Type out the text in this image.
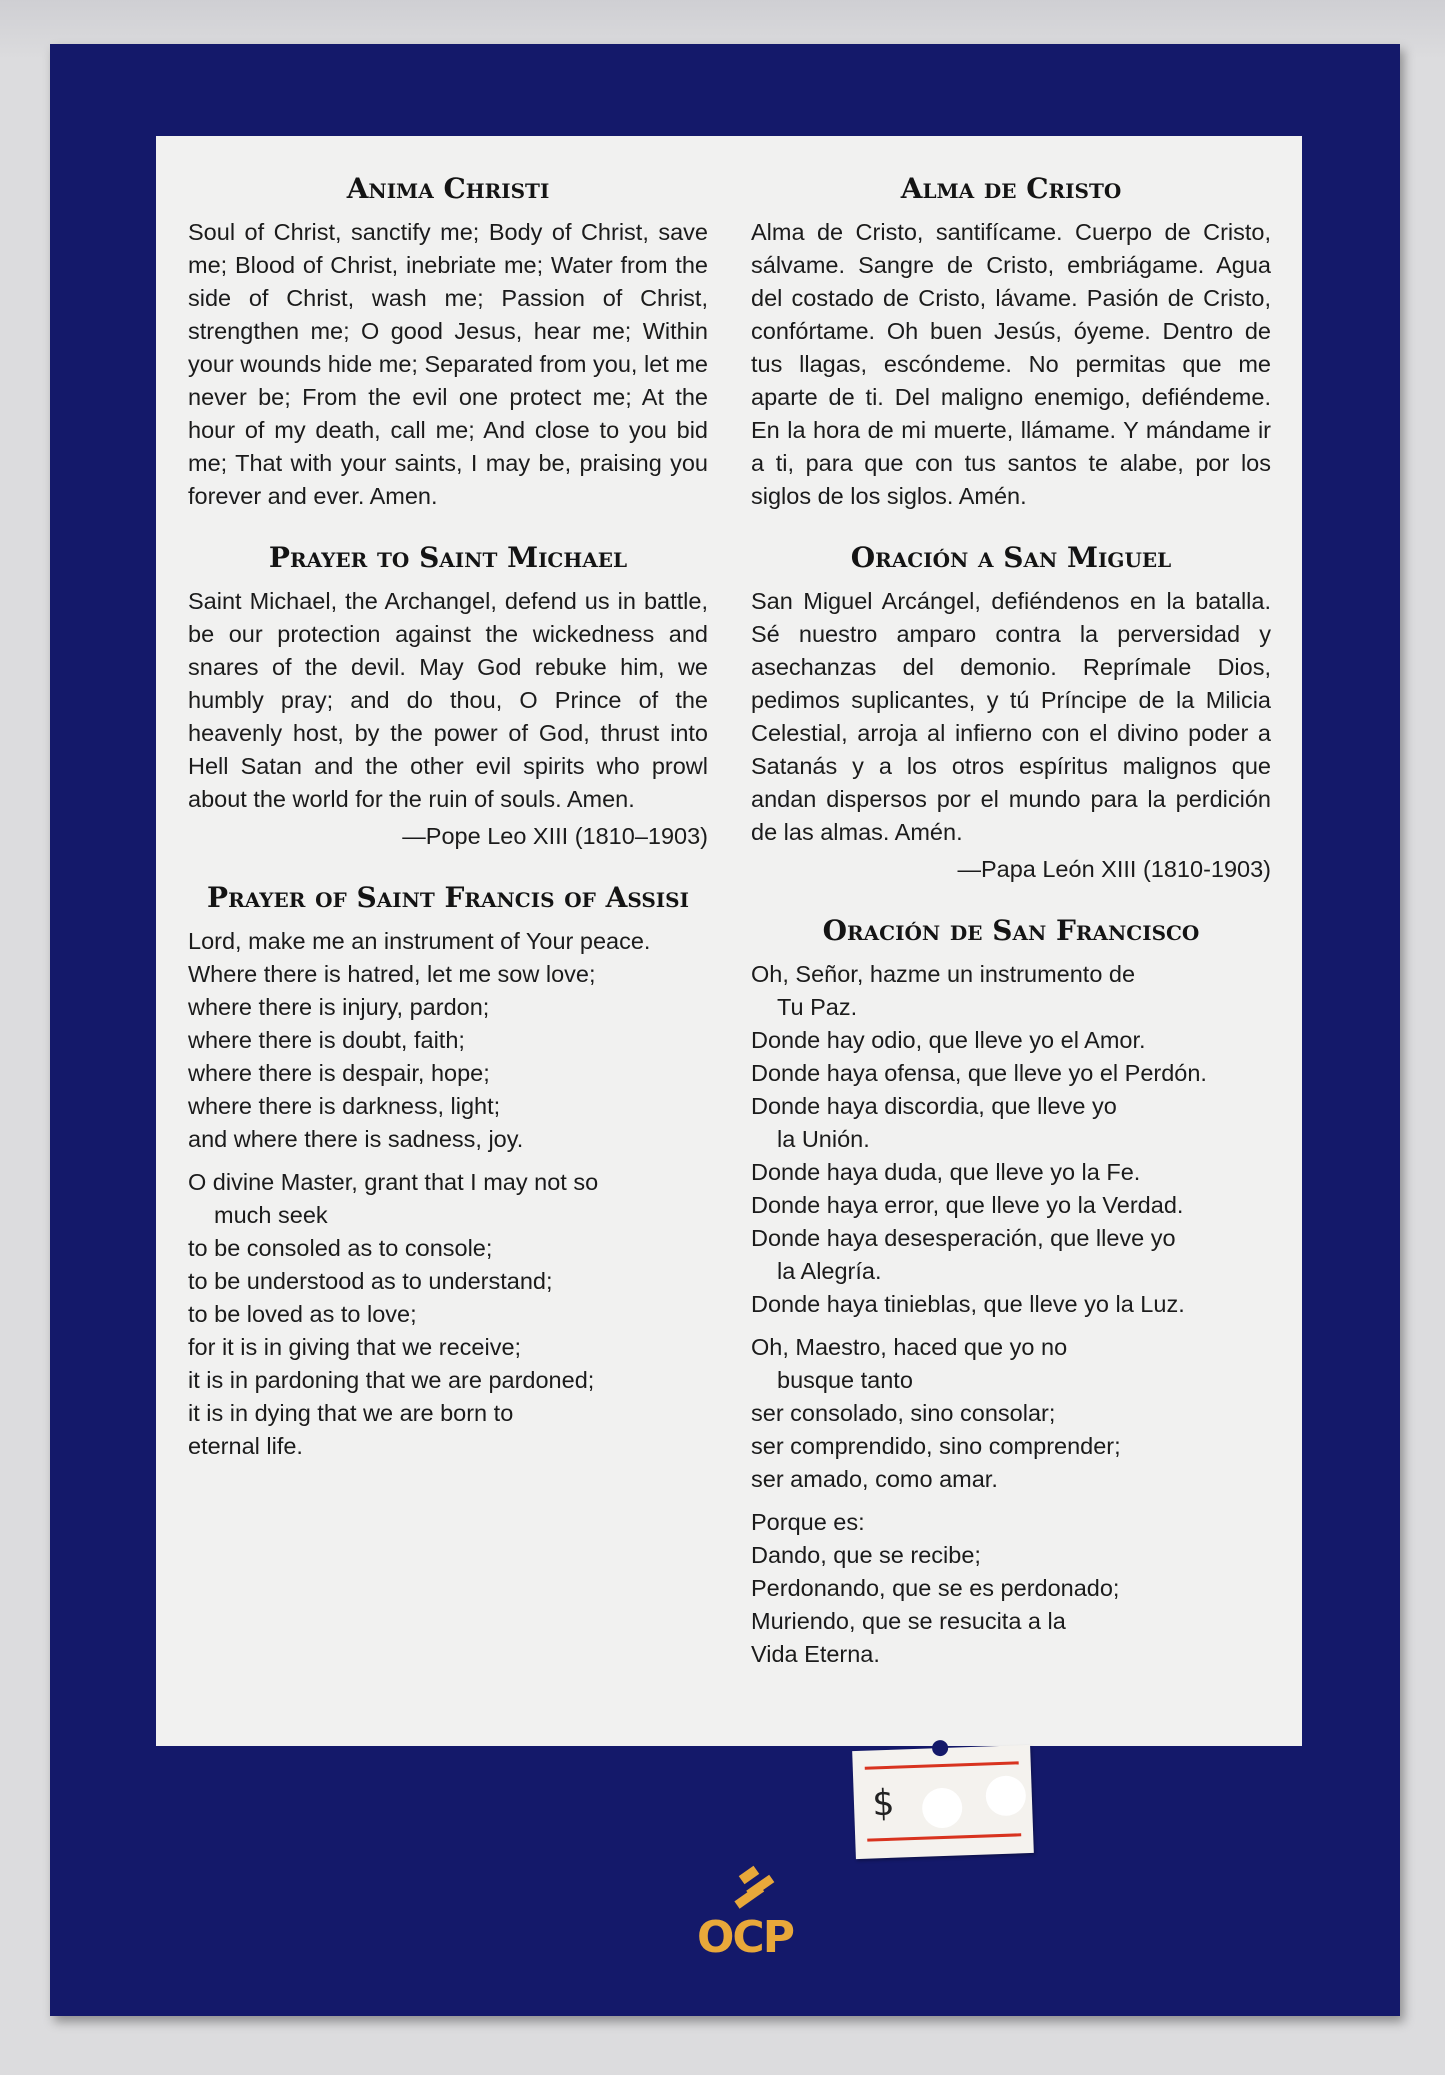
Anima Christi

Soul of Christ, sanctify me; Body of Christ, save me; Blood of Christ, inebriate me; Water from the side of Christ, wash me; Passion of Christ, strengthen me; O good Jesus, hear me; Within your wounds hide me; Separated from you, let me never be; From the evil one protect me; At the hour of my death, call me; And close to you bid me; That with your saints, I may be, praising you forever and ever. Amen.

Prayer to Saint Michael

Saint Michael, the Archangel, defend us in battle, be our protection against the wickedness and snares of the devil. May God rebuke him, we humbly pray; and do thou, O Prince of the heavenly host, by the power of God, thrust into Hell Satan and the other evil spirits who prowl about the world for the ruin of souls. Amen.

—Pope Leo XIII (1810–1903)

Prayer of Saint Francis of Assisi
Lord, make me an instrument of Your peace.
Where there is hatred, let me sow love;
where there is injury, pardon;
where there is doubt, faith;
where there is despair, hope;
where there is darkness, light;
and where there is sadness, joy.
O divine Master, grant that I may not so
much seek
to be consoled as to console;
to be understood as to understand;
to be loved as to love;
for it is in giving that we receive;
it is in pardoning that we are pardoned;
it is in dying that we are born to
eternal life.
Alma de Cristo

Alma de Cristo, santifícame. Cuerpo de Cristo, sálvame. Sangre de Cristo, embriágame. Agua del costado de Cristo, lávame. Pasión de Cristo, confórtame. Oh buen Jesús, óyeme. Dentro de tus llagas, escóndeme. No permitas que me aparte de ti. Del maligno enemigo, defiéndeme. En la hora de mi muerte, llámame. Y mándame ir a ti, para que con tus santos te alabe, por los siglos de los siglos. Amén.

Oración a San Miguel

San Miguel Arcángel, defiéndenos en la batalla. Sé nuestro amparo contra la perversidad y asechanzas del demonio. Reprímale Dios, pedimos suplicantes, y tú Príncipe de la Milicia Celestial, arroja al infierno con el divino poder a Satanás y a los otros espíritus malignos que andan dispersos por el mundo para la perdición de las almas. Amén.

—Papa León XIII (1810-1903)

Oración de San Francisco
Oh, Señor, hazme un instrumento de
Tu Paz.
Donde hay odio, que lleve yo el Amor.
Donde haya ofensa, que lleve yo el Perdón.
Donde haya discordia, que lleve yo
la Unión.
Donde haya duda, que lleve yo la Fe.
Donde haya error, que lleve yo la Verdad.
Donde haya desesperación, que lleve yo
la Alegría.
Donde haya tinieblas, que lleve yo la Luz.
Oh, Maestro, haced que yo no
busque tanto
ser consolado, sino consolar;
ser comprendido, sino comprender;
ser amado, como amar.
Porque es:
Dando, que se recibe;
Perdonando, que se es perdonado;
Muriendo, que se resucita a la
Vida Eterna.
$
OCP
